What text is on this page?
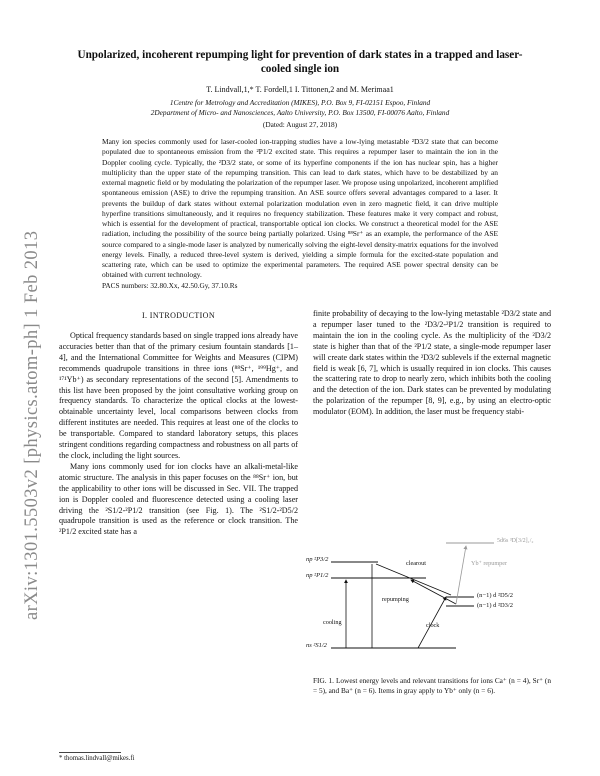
arXiv:1301.5503v2 [physics.atom-ph] 1 Feb 2013
Unpolarized, incoherent repumping light for prevention of dark states in a trapped and laser-cooled single ion
T. Lindvall,1,* T. Fordell,1 I. Tittonen,2 and M. Merimaa1
1Centre for Metrology and Accreditation (MIKES), P.O. Box 9, FI-02151 Espoo, Finland
2Department of Micro- and Nanosciences, Aalto University, P.O. Box 13500, FI-00076 Aalto, Finland
(Dated: August 27, 2018)
Many ion species commonly used for laser-cooled ion-trapping studies have a low-lying metastable ²D3/2 state that can become populated due to spontaneous emission from the ²P1/2 excited state. This requires a repumper laser to maintain the ion in the Doppler cooling cycle. Typically, the ²D3/2 state, or some of its hyperfine components if the ion has nuclear spin, has a higher multiplicity than the upper state of the repumping transition. This can lead to dark states, which have to be destabilized by an external magnetic field or by modulating the polarization of the repumper laser. We propose using unpolarized, incoherent amplified spontaneous emission (ASE) to drive the repumping transition. An ASE source offers several advantages compared to a laser. It prevents the buildup of dark states without external polarization modulation even in zero magnetic field, it can drive multiple hyperfine transitions simultaneously, and it requires no frequency stabilization. These features make it very compact and robust, which is essential for the development of practical, transportable optical ion clocks. We construct a theoretical model for the ASE radiation, including the possibility of the source being partially polarized. Using ⁸⁸Sr⁺ as an example, the performance of the ASE source compared to a single-mode laser is analyzed by numerically solving the eight-level density-matrix equations for the involved energy levels. Finally, a reduced three-level system is derived, yielding a simple formula for the excited-state population and scattering rate, which can be used to optimize the experimental parameters. The required ASE power spectral density can be obtained with current technology.
PACS numbers: 32.80.Xx, 42.50.Gy, 37.10.Rs
I. INTRODUCTION

Optical frequency standards based on single trapped ions already have accuracies better than that of the primary cesium fountain standards [1–4], and the International Committee for Weights and Measures (CIPM) recommends quadrupole transitions in three ions (⁸⁸Sr⁺, ¹⁹⁹Hg⁺, and ¹⁷¹Yb⁺) as secondary representations of the second [5]. Amendments to this list have been proposed by the joint consultative working group on frequency standards. To characterize the optical clocks at the lowest-obtainable uncertainty level, local comparisons between clocks from different institutes are needed. This requires at least one of the clocks to be transportable. Compared to standard laboratory setups, this places stringent conditions regarding compactness and robustness on all parts of the clock, including the light sources.

Many ions commonly used for ion clocks have an alkali-metal-like atomic structure. The analysis in this paper focuses on the ⁸⁸Sr⁺ ion, but the applicability to other ions will be discussed in Sec. VII. The trapped ion is Doppler cooled and fluorescence detected using a cooling laser driving the ²S1/2-²P1/2 transition (see Fig. 1). The ²S1/2-²D5/2 quadrupole transition is used as the reference or clock transition. The ²P1/2 excited state has a

finite probability of decaying to the low-lying metastable ²D3/2 state and a repumper laser tuned to the ²D3/2-²P1/2 transition is required to maintain the ion in the cooling cycle. As the multiplicity of the ²D3/2 state is higher than that of the ²P1/2 state, a single-mode repumper laser will create dark states within the ²D3/2 sublevels if the external magnetic field is weak [6, 7], which is usually required in ion clocks. This causes the scattering rate to drop to nearly zero, which inhibits both the cooling and the detection of the ion. Dark states can be prevented by modulating the polarization of the repumper [8, 9], e.g., by using an electro-optic modulator (EOM). In addition, the laser must be frequency stabi-

5d6s ³D[3/2]₁/₂
np ²P3/2
np ²P1/2
ns ²S1/2
(n−1) d ²D5/2
(n−1) d ²D3/2
clearout	Yb⁺ repumper
repumping
cooling	clock
FIG. 1. Lowest energy levels and relevant transitions for ions Ca⁺ (n = 4), Sr⁺ (n = 5), and Ba⁺ (n = 6). Items in gray apply to Yb⁺ only (n = 6).
* thomas.lindvall@mikes.fi
